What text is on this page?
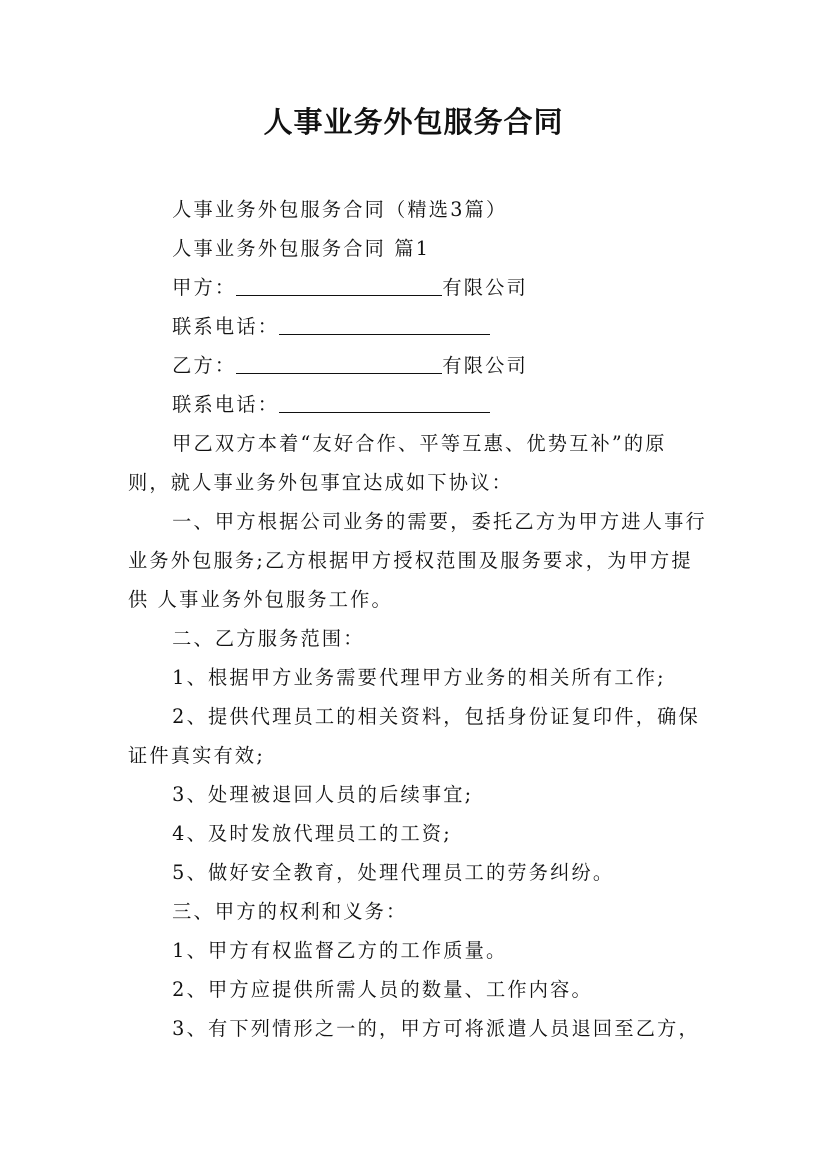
人事业务外包服务合同

人事业务外包服务合同（精选3篇）

人事业务外包服务合同 篇1

甲方：	有限公司

联系电话：

乙方：	有限公司

联系电话：

甲乙双方本着“友好合作、平等互惠、优势互补”的原则，就人事业务外包事宜达成如下协议：

一、甲方根据公司业务的需要，委托乙方为甲方进人事行业务外包服务;乙方根据甲方授权范围及服务要求，为甲方提供 人事业务外包服务工作。

二、乙方服务范围：

1、根据甲方业务需要代理甲方业务的相关所有工作;

2、提供代理员工的相关资料，包括身份证复印件，确保证件真实有效;

3、处理被退回人员的后续事宜;

4、及时发放代理员工的工资;

5、做好安全教育，处理代理员工的劳务纠纷。

三、甲方的权利和义务：

1、甲方有权监督乙方的工作质量。

2、甲方应提供所需人员的数量、工作内容。

3、有下列情形之一的，甲方可将派遣人员退回至乙方，
